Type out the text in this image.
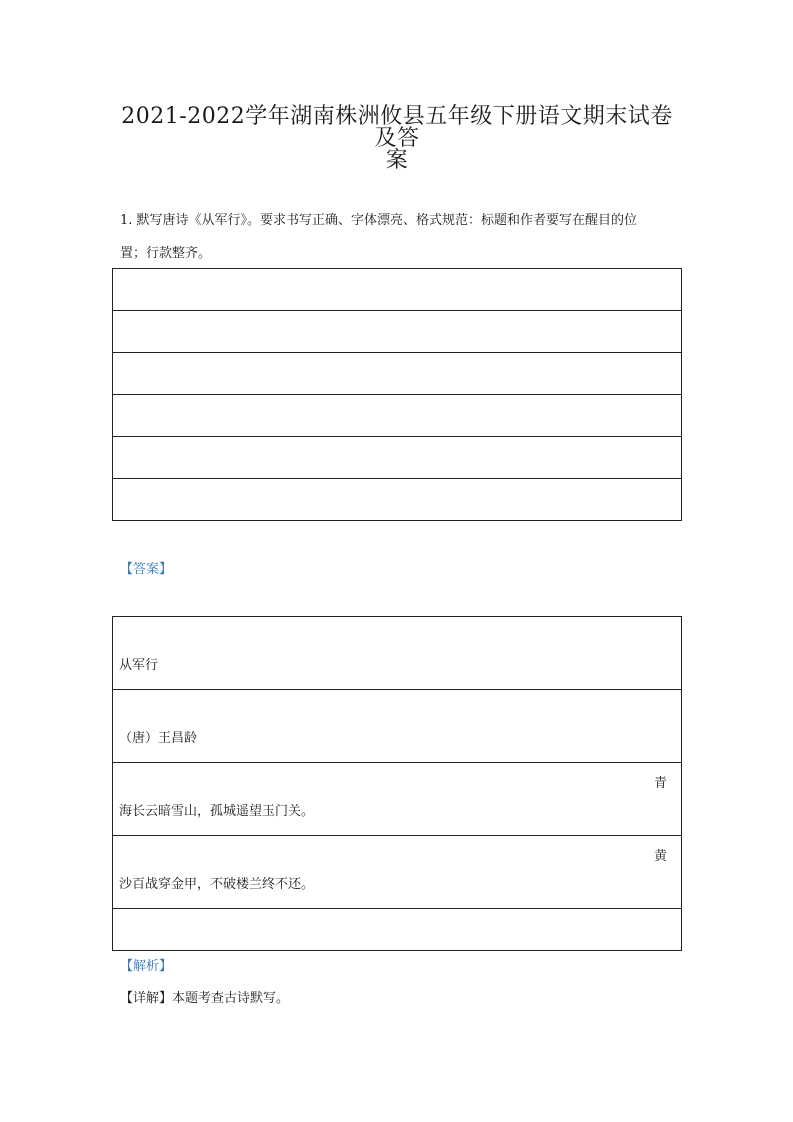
2021-2022学年湖南株洲攸县五年级下册语文期末试卷及答
案
1. 默写唐诗《从军行》。要求书写正确、字体漂亮、格式规范：标题和作者要写在醒目的位
置；行款整齐。
【答案】
从军行
（唐）王昌龄
青
海长云暗雪山，孤城遥望玉门关。
黄
沙百战穿金甲，不破楼兰终不还。
【解析】
【详解】本题考查古诗默写。
